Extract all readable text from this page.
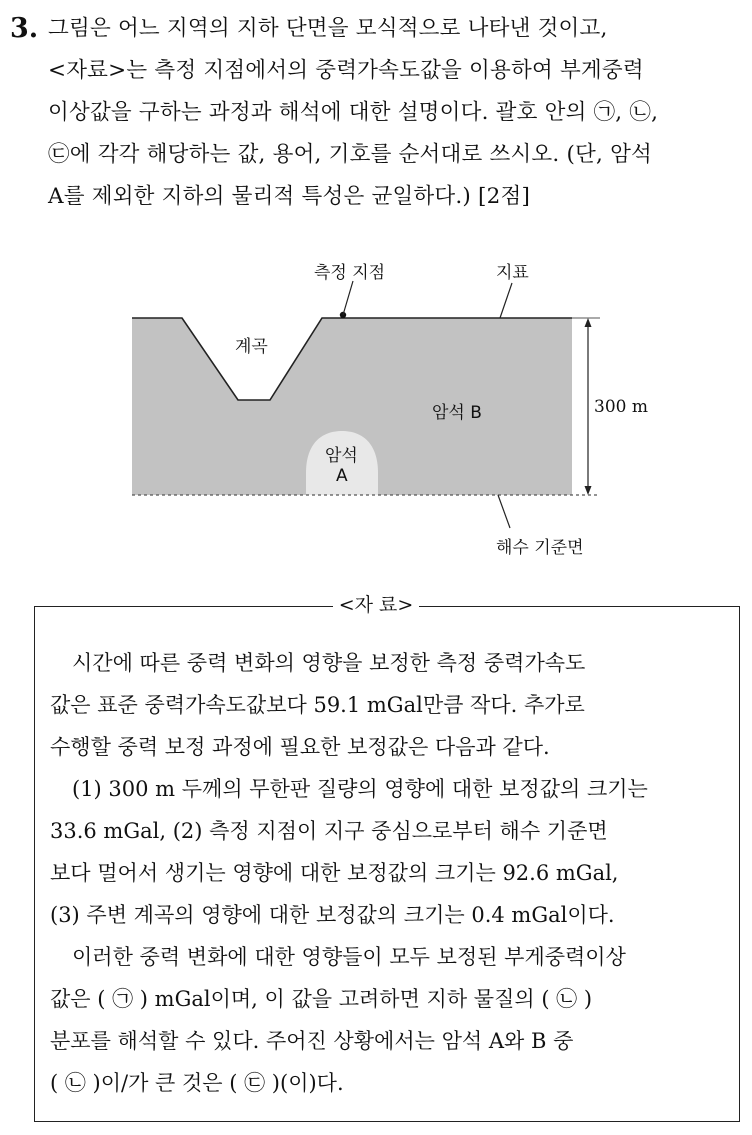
3. 그림은 어느 지역의 지하 단면을 모식적으로 나타낸 것이고,
<자료>는 측정 지점에서의 중력가속도값을 이용하여 부게중력
이상값을 구하는 과정과 해석에 대한 설명이다. 괄호 안의 ㉠, ㉡,
㉢에 각각 해당하는 값, 용어, 기호를 순서대로 쓰시오. (단, 암석
A를 제외한 지하의 물리적 특성은 균일하다.) [2점]
측정 지점	지표
계곡
암석 B
암석
A
300 m
해수 기준면
<자 료>
시간에 따른 중력 변화의 영향을 보정한 측정 중력가속도
값은 표준 중력가속도값보다 59.1 mGal만큼 작다. 추가로
수행할 중력 보정 과정에 필요한 보정값은 다음과 같다.
(1) 300 m 두께의 무한판 질량의 영향에 대한 보정값의 크기는
33.6 mGal, (2) 측정 지점이 지구 중심으로부터 해수 기준면
보다 멀어서 생기는 영향에 대한 보정값의 크기는 92.6 mGal,
(3) 주변 계곡의 영향에 대한 보정값의 크기는 0.4 mGal이다.
이러한 중력 변화에 대한 영향들이 모두 보정된 부게중력이상
값은 ( ㉠ ) mGal이며, 이 값을 고려하면 지하 물질의 ( ㉡ )
분포를 해석할 수 있다. 주어진 상황에서는 암석 A와 B 중
( ㉡ )이/가 큰 것은 ( ㉢ )(이)다.
